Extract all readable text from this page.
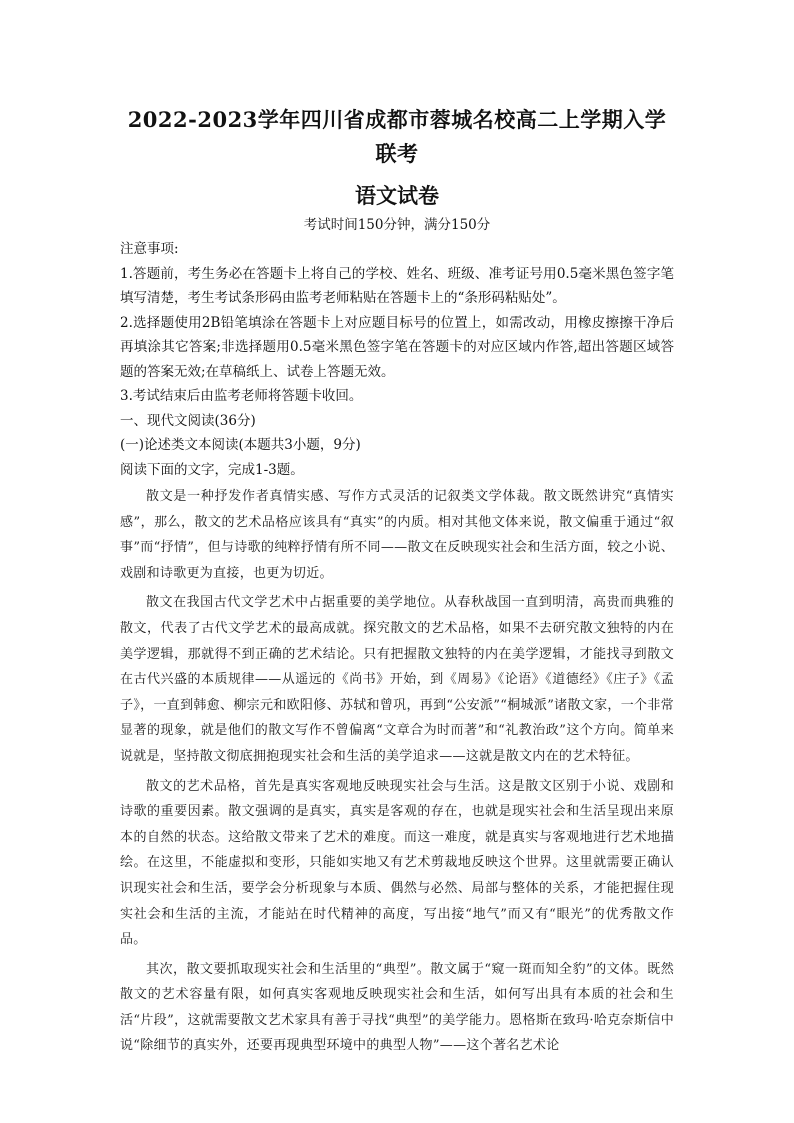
2022-2023学年四川省成都市蓉城名校高二上学期入学联考
语文试卷

考试时间150分钟，满分150分

注意事项:

1.答题前，考生务必在答题卡上将自己的学校、姓名、班级、准考证号用0.5毫米黑色签字笔填写清楚，考生考试条形码由监考老师粘贴在答题卡上的“条形码粘贴处”。

2.选择题使用2B铅笔填涂在答题卡上对应题目标号的位置上，如需改动，用橡皮擦擦干净后再填涂其它答案;非选择题用0.5毫米黑色签字笔在答题卡的对应区域内作答,超出答题区域答题的答案无效;在草稿纸上、试卷上答题无效。

3.考试结束后由监考老师将答题卡收回。

一、现代文阅读(36分)

(一)论述类文本阅读(本题共3小题，9分)

阅读下面的文字，完成1-3题。

散文是一种抒发作者真情实感、写作方式灵活的记叙类文学体裁。散文既然讲究“真情实感”，那么，散文的艺术品格应该具有“真实”的内质。相对其他文体来说，散文偏重于通过“叙事”而“抒情”，但与诗歌的纯粹抒情有所不同——散文在反映现实社会和生活方面，较之小说、戏剧和诗歌更为直接，也更为切近。

散文在我国古代文学艺术中占据重要的美学地位。从春秋战国一直到明清，高贵而典雅的散文，代表了古代文学艺术的最高成就。探究散文的艺术品格，如果不去研究散文独特的内在美学逻辑，那就得不到正确的艺术结论。只有把握散文独特的内在美学逻辑，才能找寻到散文在古代兴盛的本质规律——从遥远的《尚书》开始，到《周易》《论语》《道德经》《庄子》《孟子》，一直到韩愈、柳宗元和欧阳修、苏轼和曾巩，再到“公安派”“桐城派”诸散文家，一个非常显著的现象，就是他们的散文写作不曾偏离“文章合为时而著”和“礼教治政”这个方向。简单来说就是，坚持散文彻底拥抱现实社会和生活的美学追求——这就是散文内在的艺术特征。

散文的艺术品格，首先是真实客观地反映现实社会与生活。这是散文区别于小说、戏剧和诗歌的重要因素。散文强调的是真实，真实是客观的存在，也就是现实社会和生活呈现出来原本的自然的状态。这给散文带来了艺术的难度。而这一难度，就是真实与客观地进行艺术地描绘。在这里，不能虚拟和变形，只能如实地又有艺术剪裁地反映这个世界。这里就需要正确认识现实社会和生活，要学会分析现象与本质、偶然与必然、局部与整体的关系，才能把握住现实社会和生活的主流，才能站在时代精神的高度，写出接“地气”而又有“眼光”的优秀散文作品。

其次，散文要抓取现实社会和生活里的“典型”。散文属于“窥一斑而知全豹”的文体。既然散文的艺术容量有限，如何真实客观地反映现实社会和生活，如何写出具有本质的社会和生活“片段”，这就需要散文艺术家具有善于寻找“典型”的美学能力。恩格斯在致玛·哈克奈斯信中说“除细节的真实外，还要再现典型环境中的典型人物”——这个著名艺术论
